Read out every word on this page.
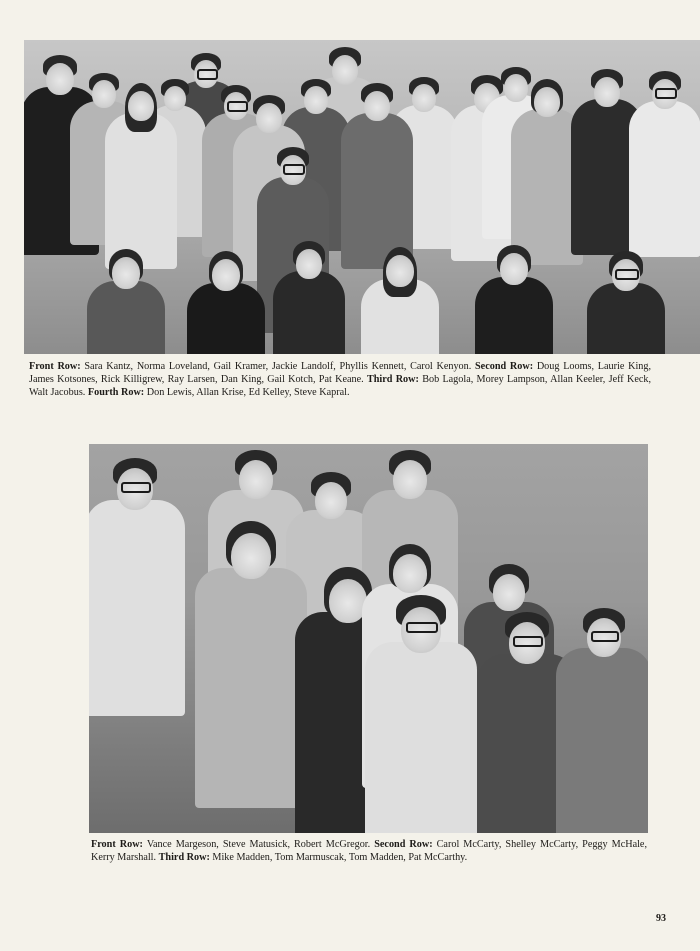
Front Row: Sara Kantz, Norma Loveland, Gail Kramer, Jackie Landolf, Phyllis Kennett, Carol Kenyon. Second Row: Doug Looms, Laurie King, James Kotsones, Rick Killigrew, Ray Larsen, Dan King, Gail Kotch, Pat Keane. Third Row: Bob Lagola, Morey Lampson, Allan Keeler, Jeff Keck, Walt Jacobus. Fourth Row: Don Lewis, Allan Krise, Ed Kelley, Steve Kapral.

Front Row: Vance Margeson, Steve Matusick, Robert McGregor. Second Row: Carol McCarty, Shelley McCarty, Peggy McHale, Kerry Marshall. Third Row: Mike Madden, Tom Marmuscak, Tom Madden, Pat McCarthy.

93
